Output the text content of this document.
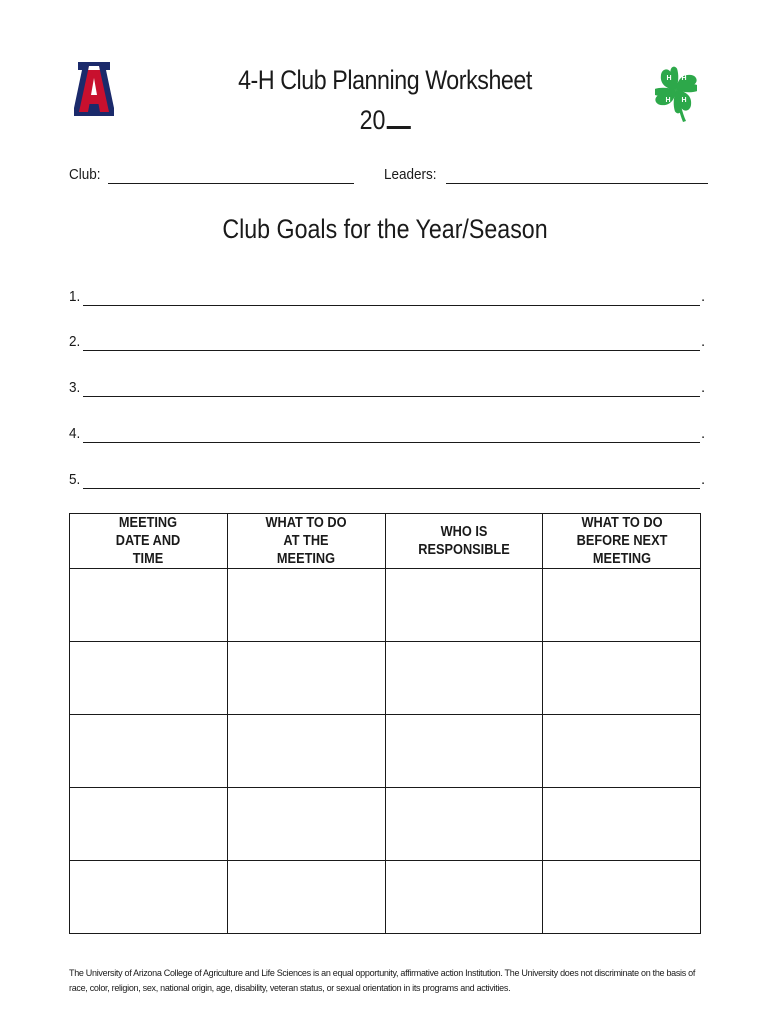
4-H Club Planning Worksheet
20
H H
H H
Club:	Leaders:
Club Goals for the Year/Season
1.	.
2.	.
3.	.
4.	.
5.	.
MEETING DATE AND TIME	WHAT TO DO AT THE MEETING	WHO IS RESPONSIBLE	WHAT TO DO BEFORE NEXT MEETING

The University of Arizona College of Agriculture and Life Sciences is an equal opportunity, affirmative action Institution. The University does not discriminate on the basis of race, color, religion, sex, national origin, age, disability, veteran status, or sexual orientation in its programs and activities.
